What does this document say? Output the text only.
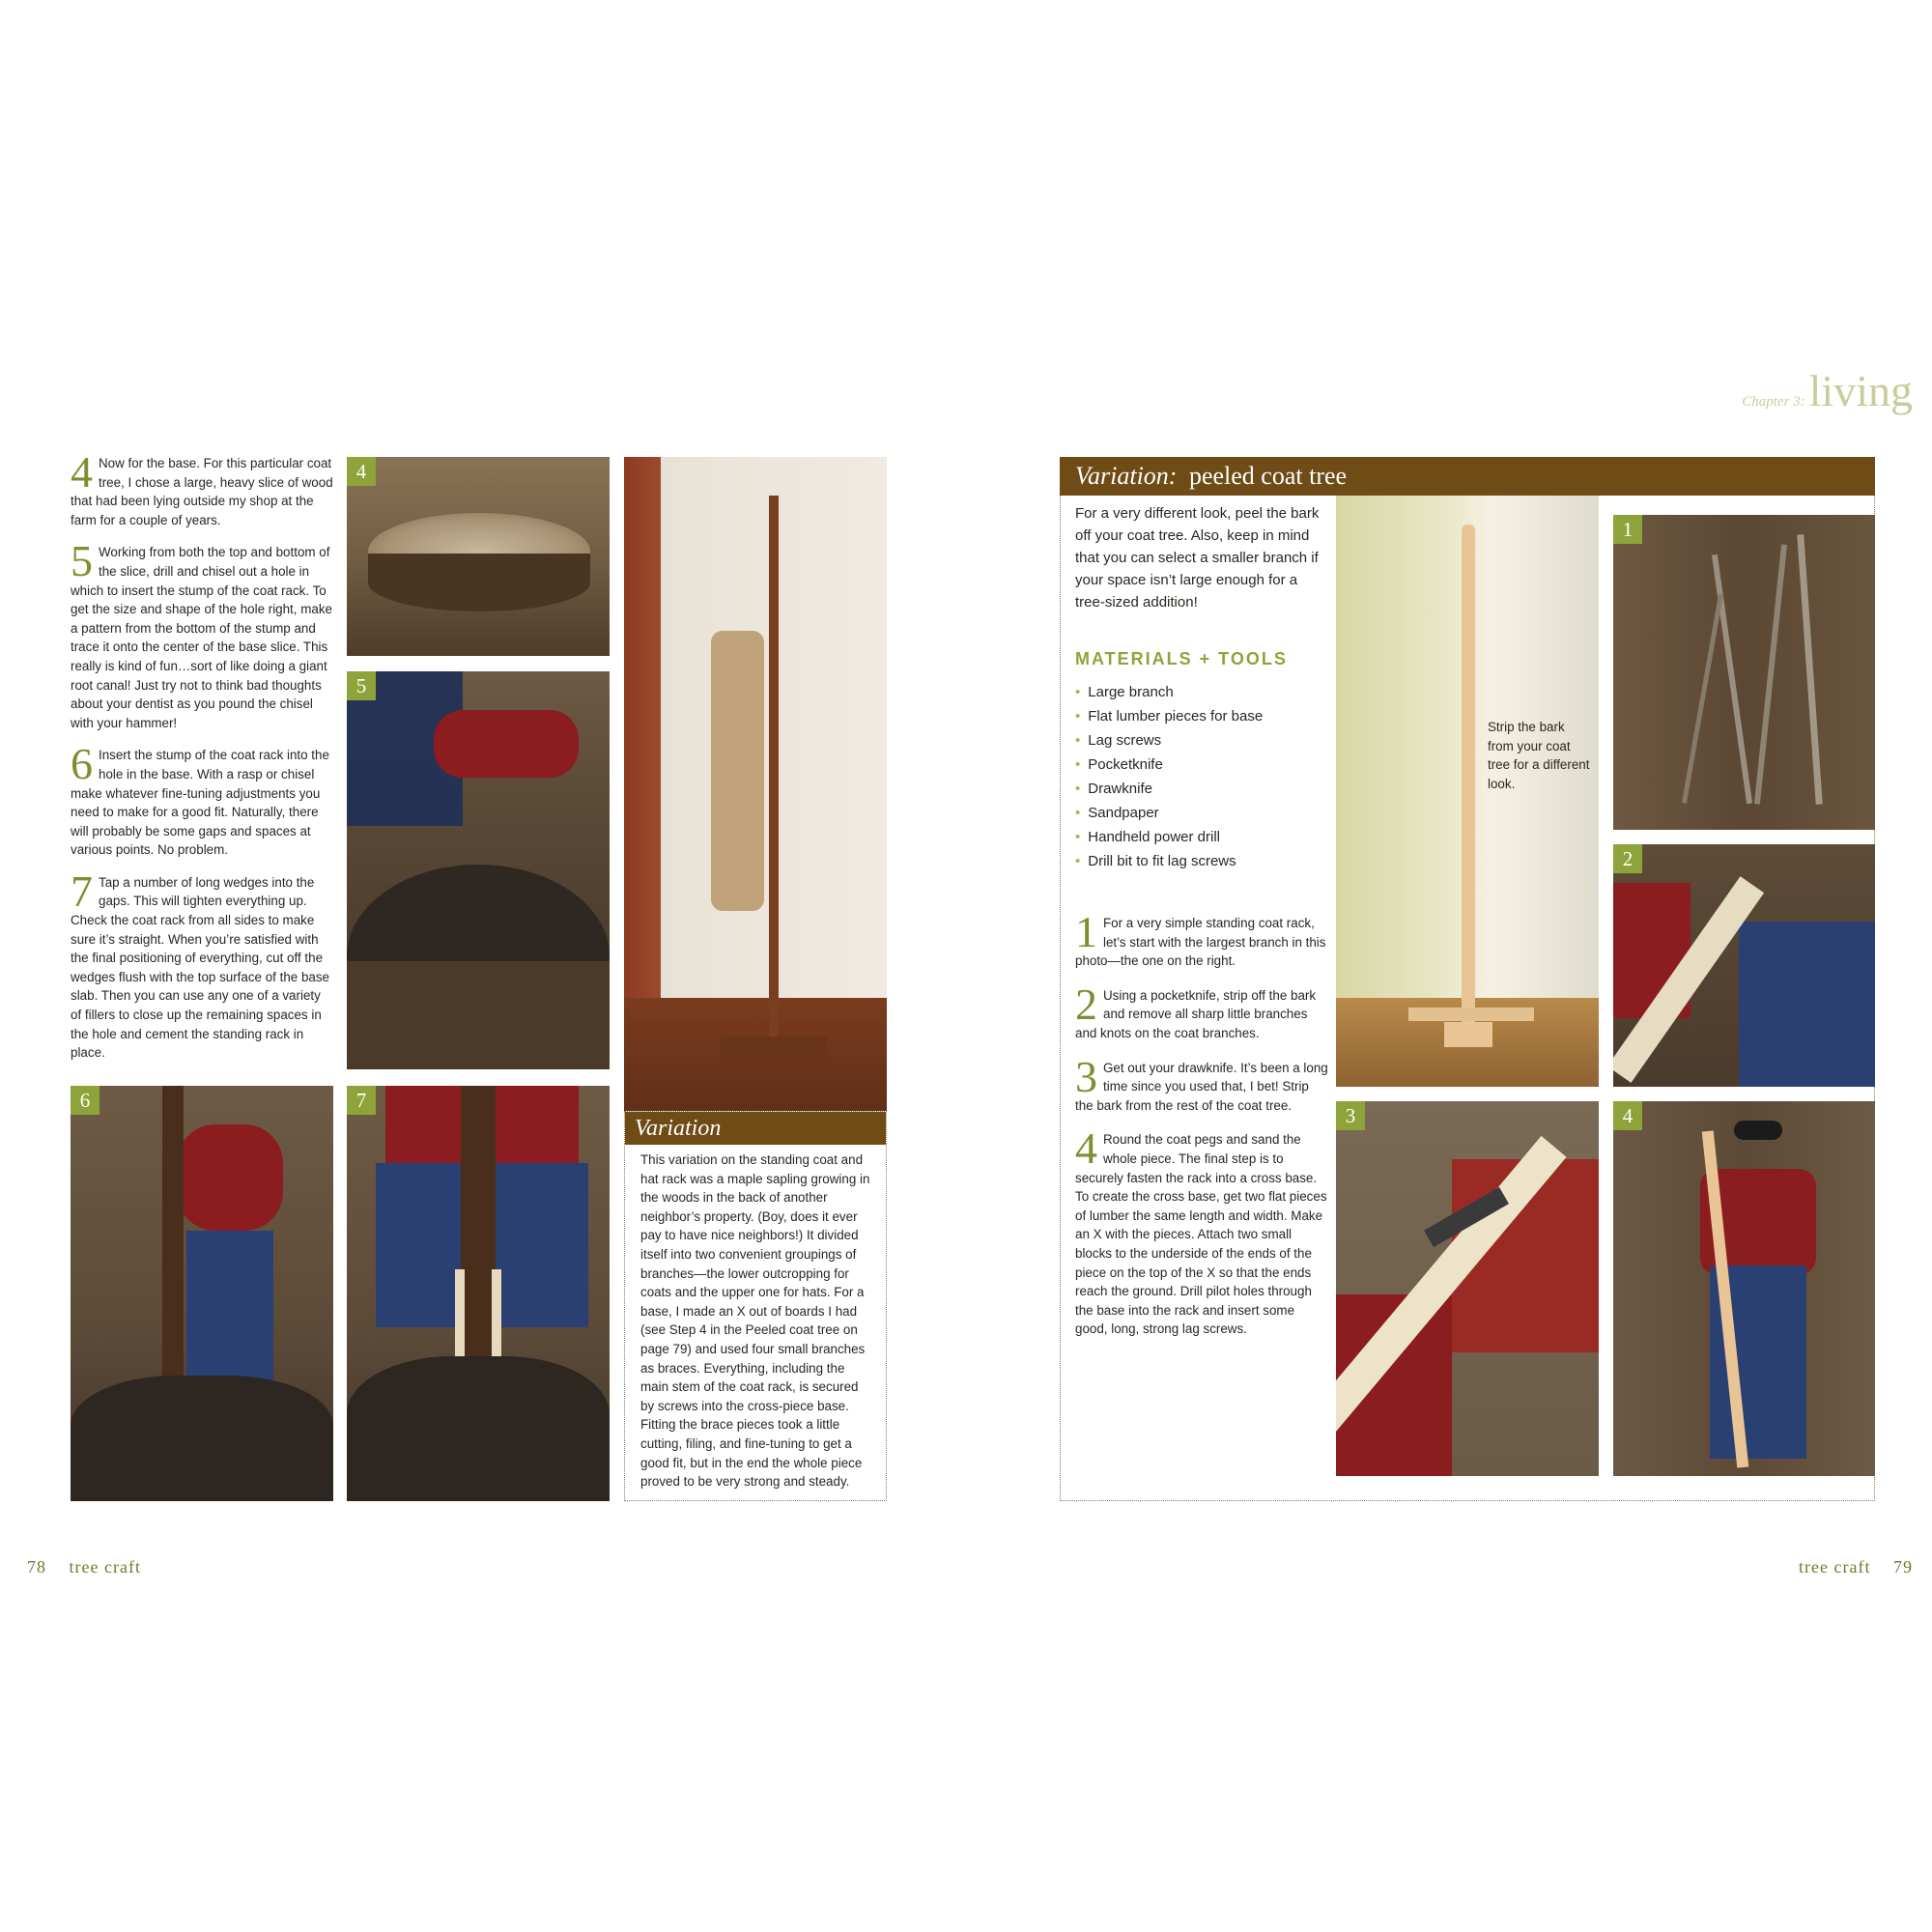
Chapter 3: living
4 Now for the base. For this particular coat tree, I chose a large, heavy slice of wood that had been lying outside my shop at the farm for a couple of years.
5 Working from both the top and bottom of the slice, drill and chisel out a hole in which to insert the stump of the coat rack. To get the size and shape of the hole right, make a pattern from the bottom of the stump and trace it onto the center of the base slice. This really is kind of fun…sort of like doing a giant root canal! Just try not to think bad thoughts about your dentist as you pound the chisel with your hammer!
6 Insert the stump of the coat rack into the hole in the base. With a rasp or chisel make whatever fine-tuning adjustments you need to make for a good fit. Naturally, there will probably be some gaps and spaces at various points. No problem.
7 Tap a number of long wedges into the gaps. This will tighten everything up. Check the coat rack from all sides to make sure it’s straight. When you’re satisfied with the final positioning of everything, cut off the wedges flush with the top surface of the base slab. Then you can use any one of a variety of fillers to close up the remaining spaces in the hole and cement the standing rack in place.
4
5
6	7
Variation
This variation on the standing coat and hat rack was a maple sapling growing in the woods in the back of another neighbor’s property. (Boy, does it ever pay to have nice neighbors!) It divided itself into two convenient groupings of branches—the lower outcropping for coats and the upper one for hats. For a base, I made an X out of boards I had (see Step 4 in the Peeled coat tree on page 79) and used four small branches as braces. Everything, including the main stem of the coat rack, is secured by screws into the cross-piece base. Fitting the brace pieces took a little cutting, filing, and fine-tuning to get a good fit, but in the end the whole piece proved to be very strong and steady.
78 tree craft
Variation: peeled coat tree
For a very different look, peel the bark off your coat tree. Also, keep in mind that you can select a smaller branch if your space isn’t large enough for a tree-sized addition!
MATERIALS + TOOLS
• Large branch
• Flat lumber pieces for base
• Lag screws
• Pocketknife
• Drawknife
• Sandpaper
• Handheld power drill
• Drill bit to fit lag screws
1 For a very simple standing coat rack, let’s start with the largest branch in this photo—the one on the right.
2 Using a pocketknife, strip off the bark and remove all sharp little branches and knots on the coat branches.
3 Get out your drawknife. It’s been a long time since you used that, I bet! Strip the bark from the rest of the coat tree.
4 Round the coat pegs and sand the whole piece. The final step is to securely fasten the rack into a cross base. To create the cross base, get two flat pieces of lumber the same length and width. Make an X with the pieces. Attach two small blocks to the underside of the ends of the piece on the top of the X so that the ends reach the ground. Drill pilot holes through the base into the rack and insert some good, long, strong lag screws.
Strip the bark from your coat tree for a different look.
1
2
3	4
tree craft 79
